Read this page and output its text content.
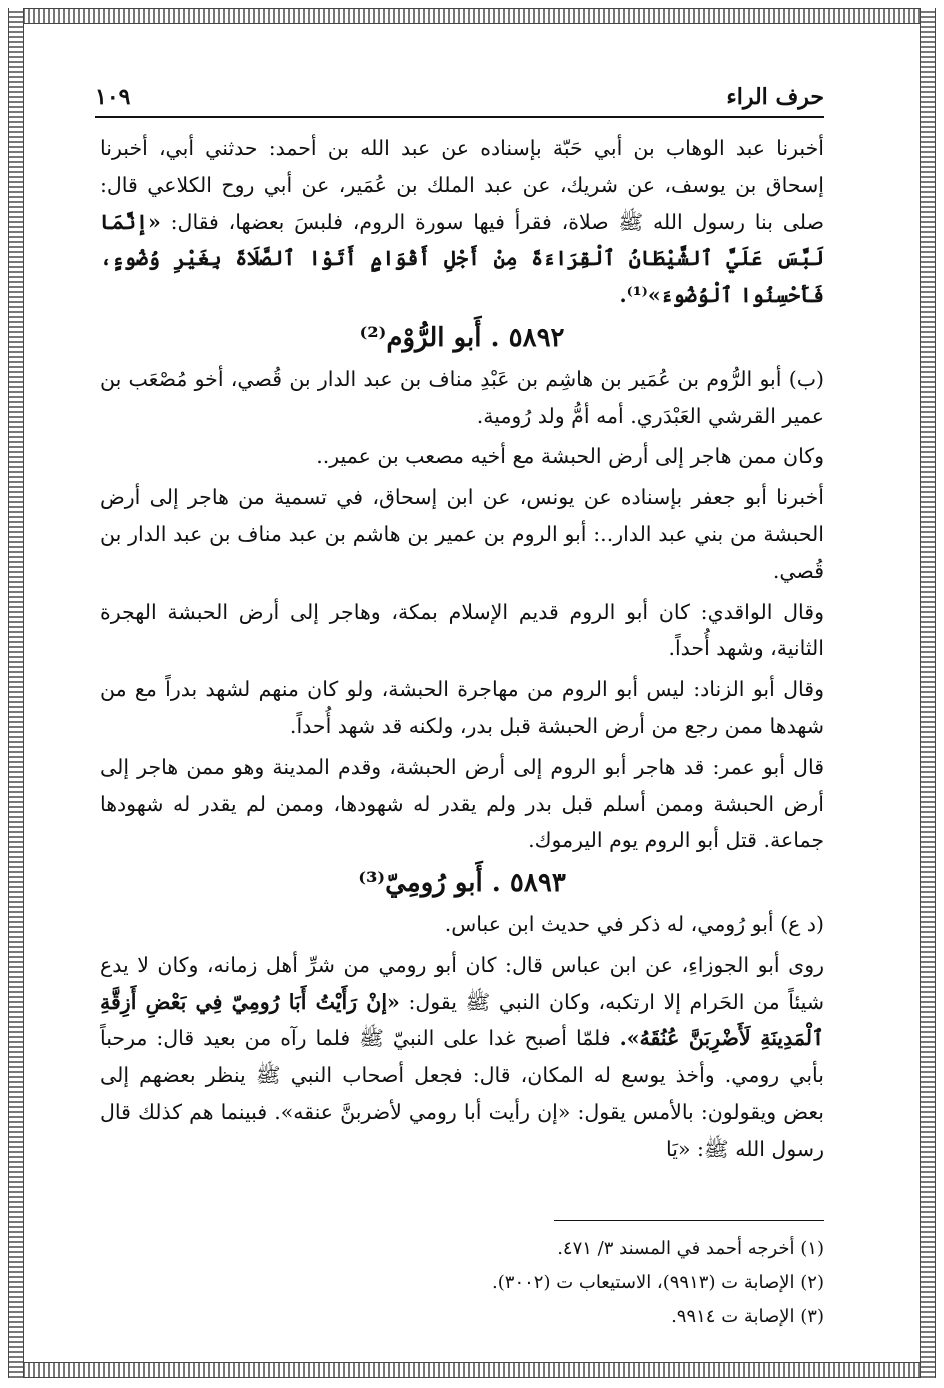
حرف الراء
١٠٩

أخبرنا عبد الوهاب بن أبي حَبّة بإسناده عن عبد الله بن أحمد: حدثني أبي، أخبرنا إسحاق بن يوسف، عن شريك، عن عبد الملك بن عُمَير، عن أبي روح الكلاعي قال: صلى بنا رسول الله ﷺ صلاة، فقرأ فيها سورة الروم، فلبسَ بعضها، فقال: «إنَّمَا لَبَّسَ عَلَيَّ ٱلشَّيْطَانُ ٱلْقِرَاءَةَ مِنْ أَجْلِ أَقْوَامٍ أَتَوْا ٱلصَّلَاةَ بِغَيْرِ وُضُوءٍ، فَأَحْسِنُوا ٱلْوُضُوءَ»⁽¹⁾.

٥٨٩٢ . أَبو الرُّوْم⁽²⁾

(ب) أبو الرُّوم بن عُمَير بن هاشِم بن عَبْدِ مناف بن عبد الدار بن قُصي، أخو مُصْعَب بن عمير القرشي العَبْدَري. أمه أمُّ ولد رُومية.

وكان ممن هاجر إلى أرض الحبشة مع أخيه مصعب بن عمير..

أخبرنا أبو جعفر بإسناده عن يونس، عن ابن إسحاق، في تسمية من هاجر إلى أرض الحبشة من بني عبد الدار..: أبو الروم بن عمير بن هاشم بن عبد مناف بن عبد الدار بن قُصي.

وقال الواقدي: كان أبو الروم قديم الإسلام بمكة، وهاجر إلى أرض الحبشة الهجرة الثانية، وشهد أُحداً.

وقال أبو الزناد: ليس أبو الروم من مهاجرة الحبشة، ولو كان منهم لشهد بدراً مع من شهدها ممن رجع من أرض الحبشة قبل بدر، ولكنه قد شهد أُحداً.

قال أبو عمر: قد هاجر أبو الروم إلى أرض الحبشة، وقدم المدينة وهو ممن هاجر إلى أرض الحبشة وممن أسلم قبل بدر ولم يقدر له شهودها، وممن لم يقدر له شهودها جماعة. قتل أبو الروم يوم اليرموك.

٥٨٩٣ . أَبو رُومِيّ⁽³⁾

(د ع) أبو رُومي، له ذكر في حديث ابن عباس.

روى أبو الجوزاءِ، عن ابن عباس قال: كان أبو رومي من شرِّ أهل زمانه، وكان لا يدع شيئاً من الحَرام إلا ارتكبه، وكان النبي ﷺ يقول: «إنْ رَأَيْتُ أَبَا رُومِيّ فِي بَعْضِ أَزِقَّةِ ٱلْمَدِينَةِ لَأَضْرِبَنَّ عُنُقَهُ». فلمّا أصبح غدا على النبيّ ﷺ فلما رآه من بعيد قال: مرحباً بأبي رومي. وأخذ يوسع له المكان، قال: فجعل أصحاب النبي ﷺ ينظر بعضهم إلى بعض ويقولون: بالأمس يقول: «إن رأيت أبا رومي لأضربنَّ عنقه». فبينما هم كذلك قال رسول الله ﷺ: «يَا

(١) أخرجه أحمد في المسند ٣/ ٤٧١.
(٢) الإصابة ت (٩٩١٣)، الاستيعاب ت (٣٠٠٢).
(٣) الإصابة ت ٩٩١٤.
